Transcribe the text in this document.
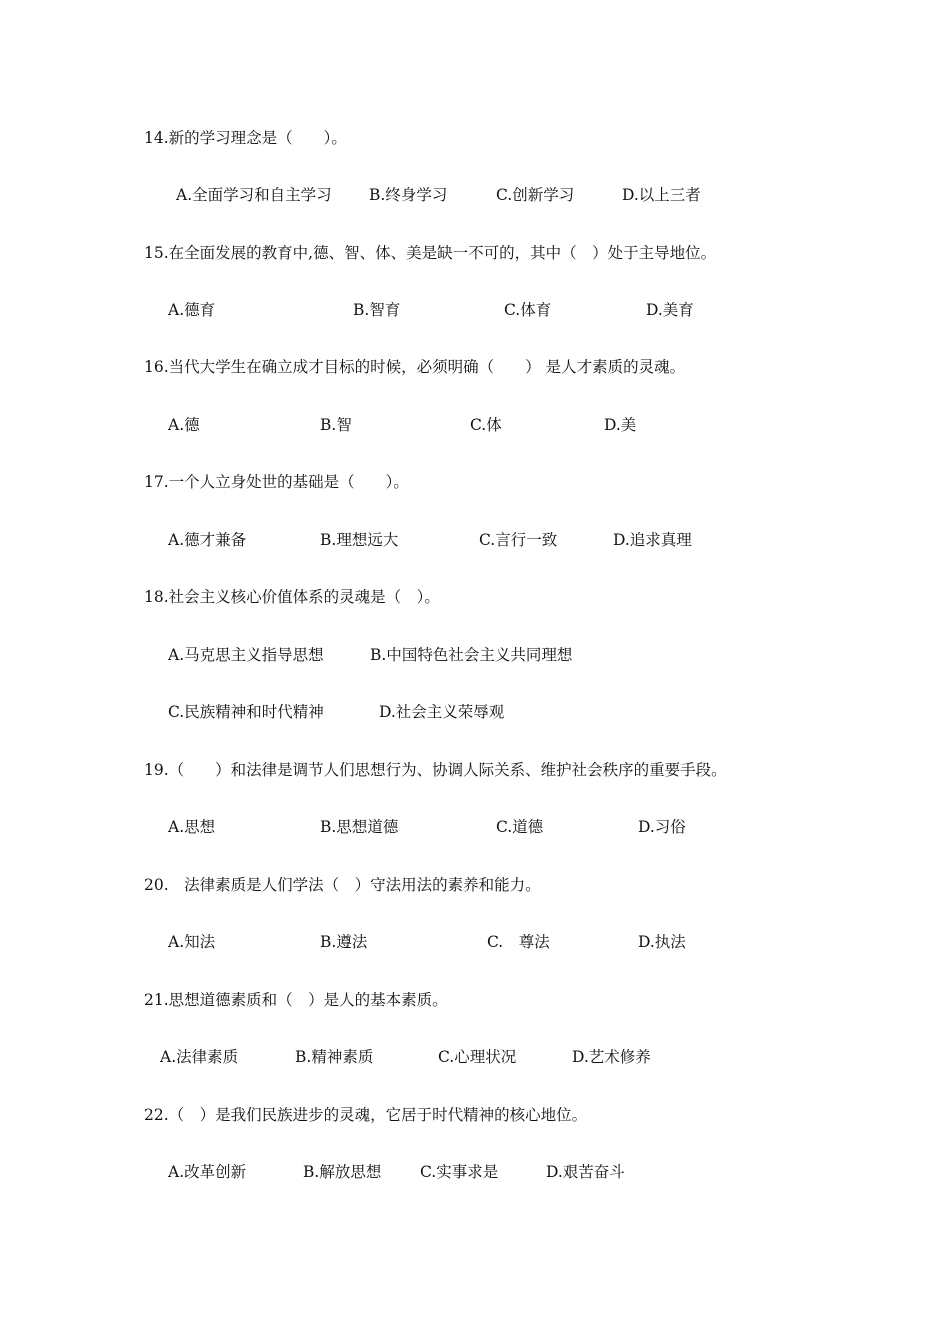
14.新的学习理念是（　　）。
A.全面学习和自主学习 B.终身学习	C.创新学习	D.以上三者
15.在全面发展的教育中,德、智、体、美是缺一不可的，其中（　）处于主导地位。
A.德育	B.智育	C.体育	D.美育
16.当代大学生在确立成才目标的时候，必须明确（　　） 是人才素质的灵魂。
A.德	B.智	C.体	D.美
17.一个人立身处世的基础是（　　）。
A.德才兼备	B.理想远大	C.言行一致	D.追求真理
18.社会主义核心价值体系的灵魂是（　）。
A.马克思主义指导思想	B.中国特色社会主义共同理想
C.民族精神和时代精神	D.社会主义荣辱观
19.（　　）和法律是调节人们思想行为、协调人际关系、维护社会秩序的重要手段。
A.思想	B.思想道德	C.道德	D.习俗
20.　法律素质是人们学法（　）守法用法的素养和能力。
A.知法	B.遵法	C.　尊法	D.执法
21.思想道德素质和（　）是人的基本素质。
A.法律素质	B.精神素质	C.心理状况	D.艺术修养
22.（　）是我们民族进步的灵魂，它居于时代精神的核心地位。
A.改革创新	B.解放思想 C.实事求是	D.艰苦奋斗
